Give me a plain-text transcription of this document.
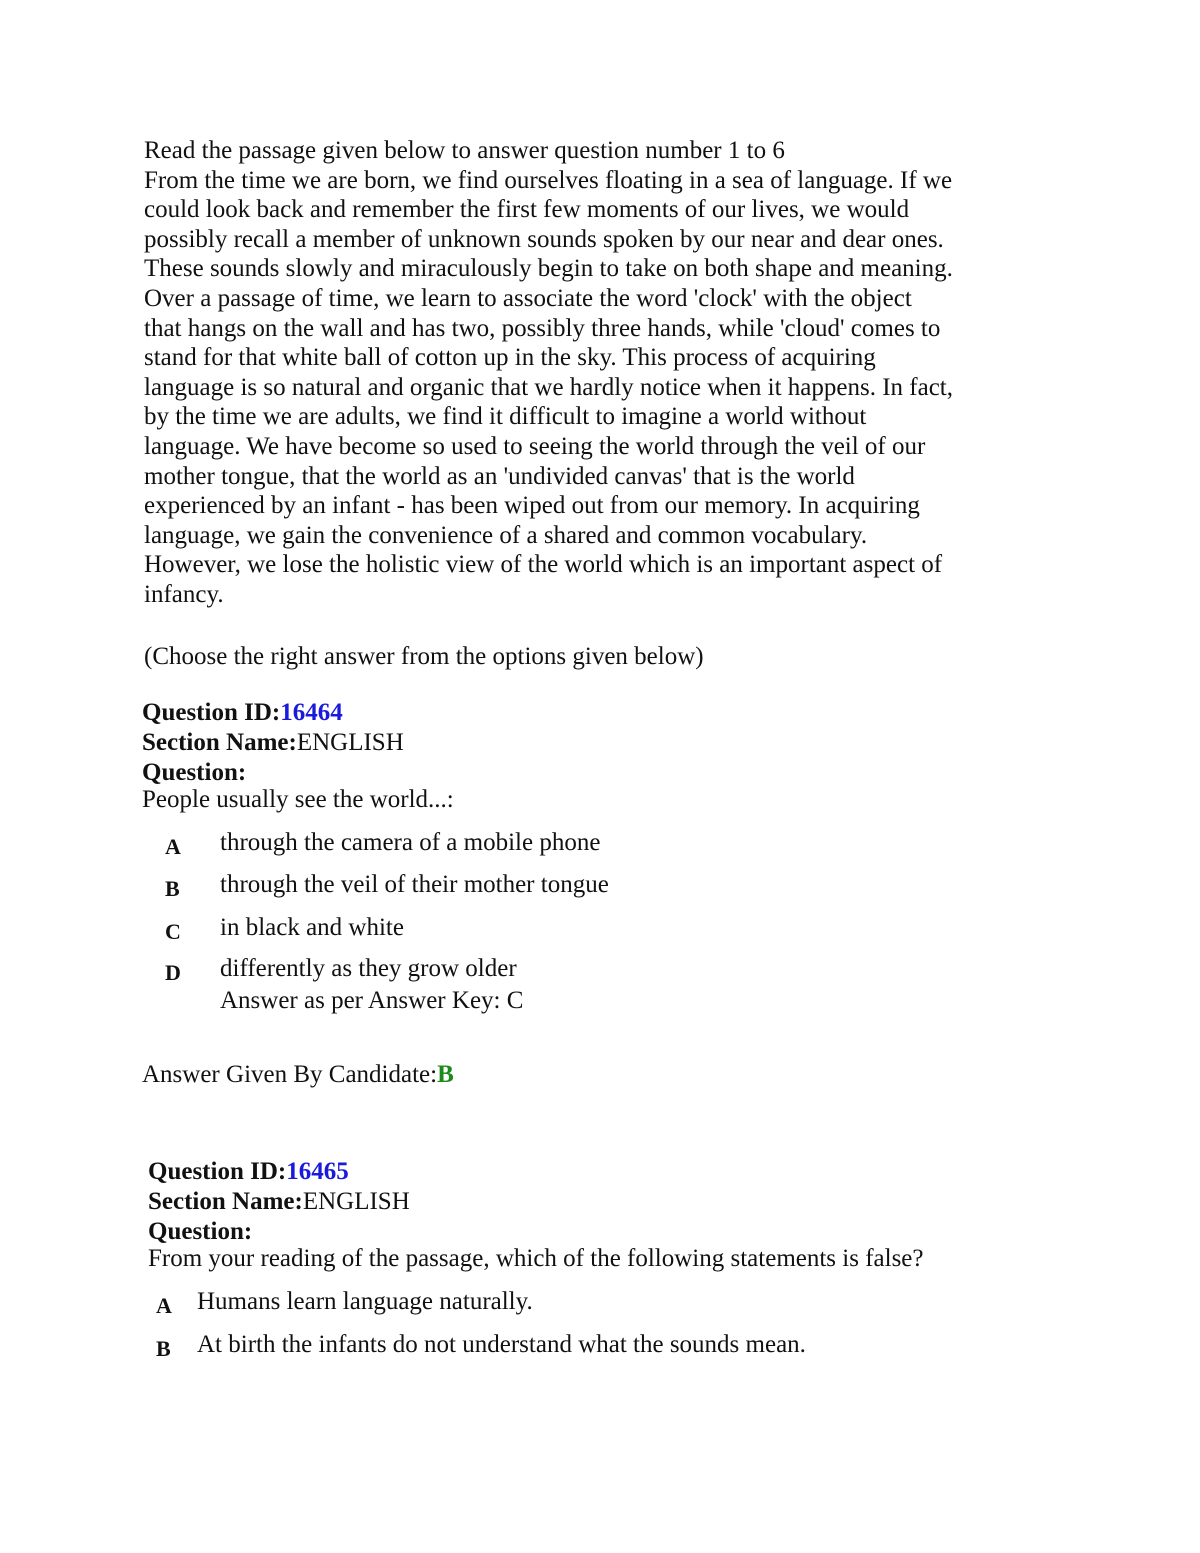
Read the passage given below to answer question number 1 to 6
From the time we are born, we find ourselves floating in a sea of language. If we
could look back and remember the first few moments of our lives, we would
possibly recall a member of unknown sounds spoken by our near and dear ones.
These sounds slowly and miraculously begin to take on both shape and meaning.
Over a passage of time, we learn to associate the word 'clock' with the object
that hangs on the wall and has two, possibly three hands, while 'cloud' comes to
stand for that white ball of cotton up in the sky. This process of acquiring
language is so natural and organic that we hardly notice when it happens. In fact,
by the time we are adults, we find it difficult to imagine a world without
language. We have become so used to seeing the world through the veil of our
mother tongue, that the world as an 'undivided canvas' that is the world
experienced by an infant - has been wiped out from our memory. In acquiring
language, we gain the convenience of a shared and common vocabulary.
However, we lose the holistic view of the world which is an important aspect of
infancy.
(Choose the right answer from the options given below)
Question ID:16464
Section Name:ENGLISH
Question:
People usually see the world...:
A through the camera of a mobile phone
B through the veil of their mother tongue
C in black and white
D differently as they grow older
Answer as per Answer Key: C
Answer Given By Candidate:B
Question ID:16465
Section Name:ENGLISH
Question:
From your reading of the passage, which of the following statements is false?
A Humans learn language naturally.
B At birth the infants do not understand what the sounds mean.
